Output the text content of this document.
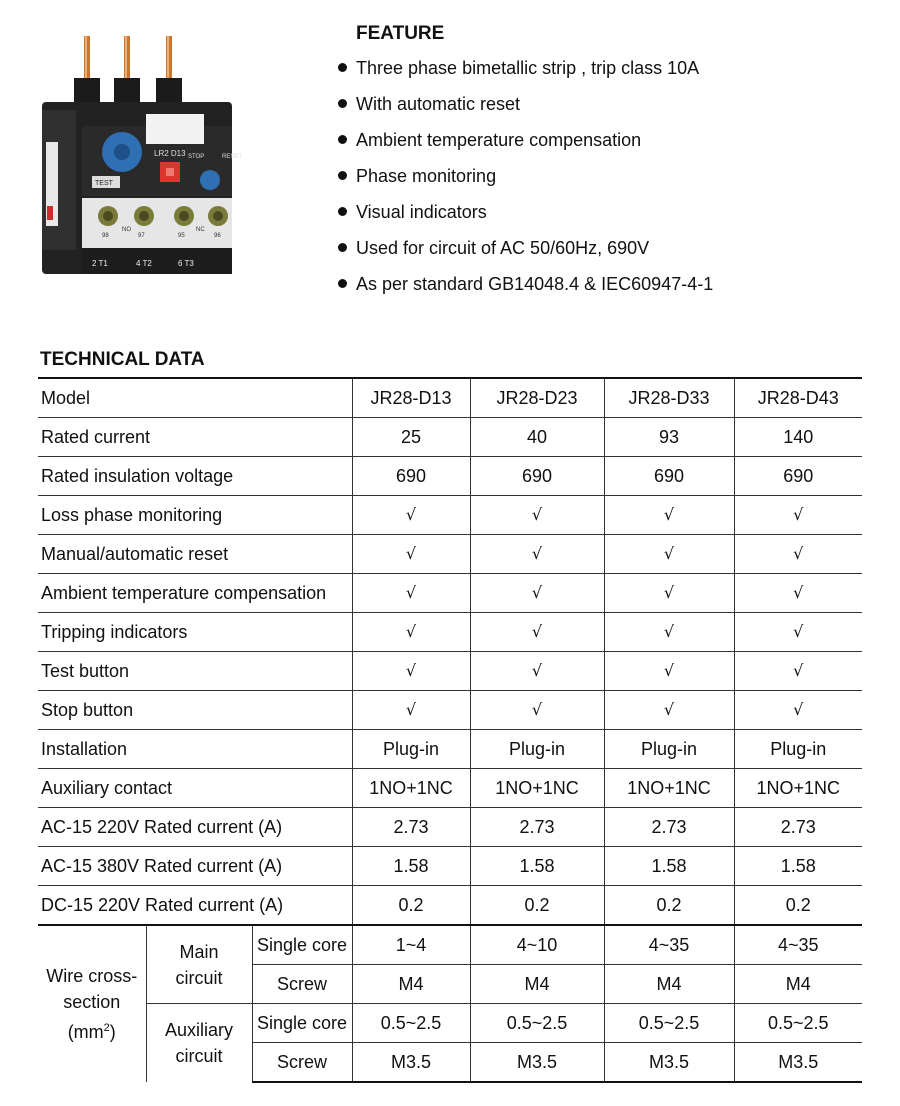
LR2 D13	RESET
STOP
TEST
98
NO
97	95
NC
96
2 T1	4 T2	6 T3
FEATURE
Three phase bimetallic strip , trip class 10A
With automatic reset
Ambient temperature compensation
Phase monitoring
Visual indicators
Used for circuit of AC 50/60Hz, 690V
As per standard GB14048.4 & IEC60947-4-1
TECHNICAL DATA
Model			JR28-D13	JR28-D23	JR28-D33	JR28-D43
Rated current			25	40	93	140
Rated insulation voltage			690	690	690	690
Loss phase monitoring			√	√	√	√
Manual/automatic reset			√	√	√	√
Ambient temperature compensation			√	√	√	√
Tripping indicators			√	√	√	√
Test button			√	√	√	√
Stop button			√	√	√	√
Installation			Plug-in	Plug-in	Plug-in	Plug-in
Auxiliary contact			1NO+1NC	1NO+1NC	1NO+1NC	1NO+1NC
AC-15 220V Rated current (A)			2.73	2.73	2.73	2.73
AC-15 380V Rated current (A)			1.58	1.58	1.58	1.58
DC-15 220V Rated current (A)			0.2	0.2	0.2	0.2
Wire cross-
section
$(mm^2)$	Main
circuit	Single core	1~4	4~10	4~35	4~35
		Screw	M4	M4	M4	M4
	Auxiliary
circuit	Single core	0.5~2.5	0.5~2.5	0.5~2.5	0.5~2.5
		Screw	M3.5	M3.5	M3.5	M3.5
